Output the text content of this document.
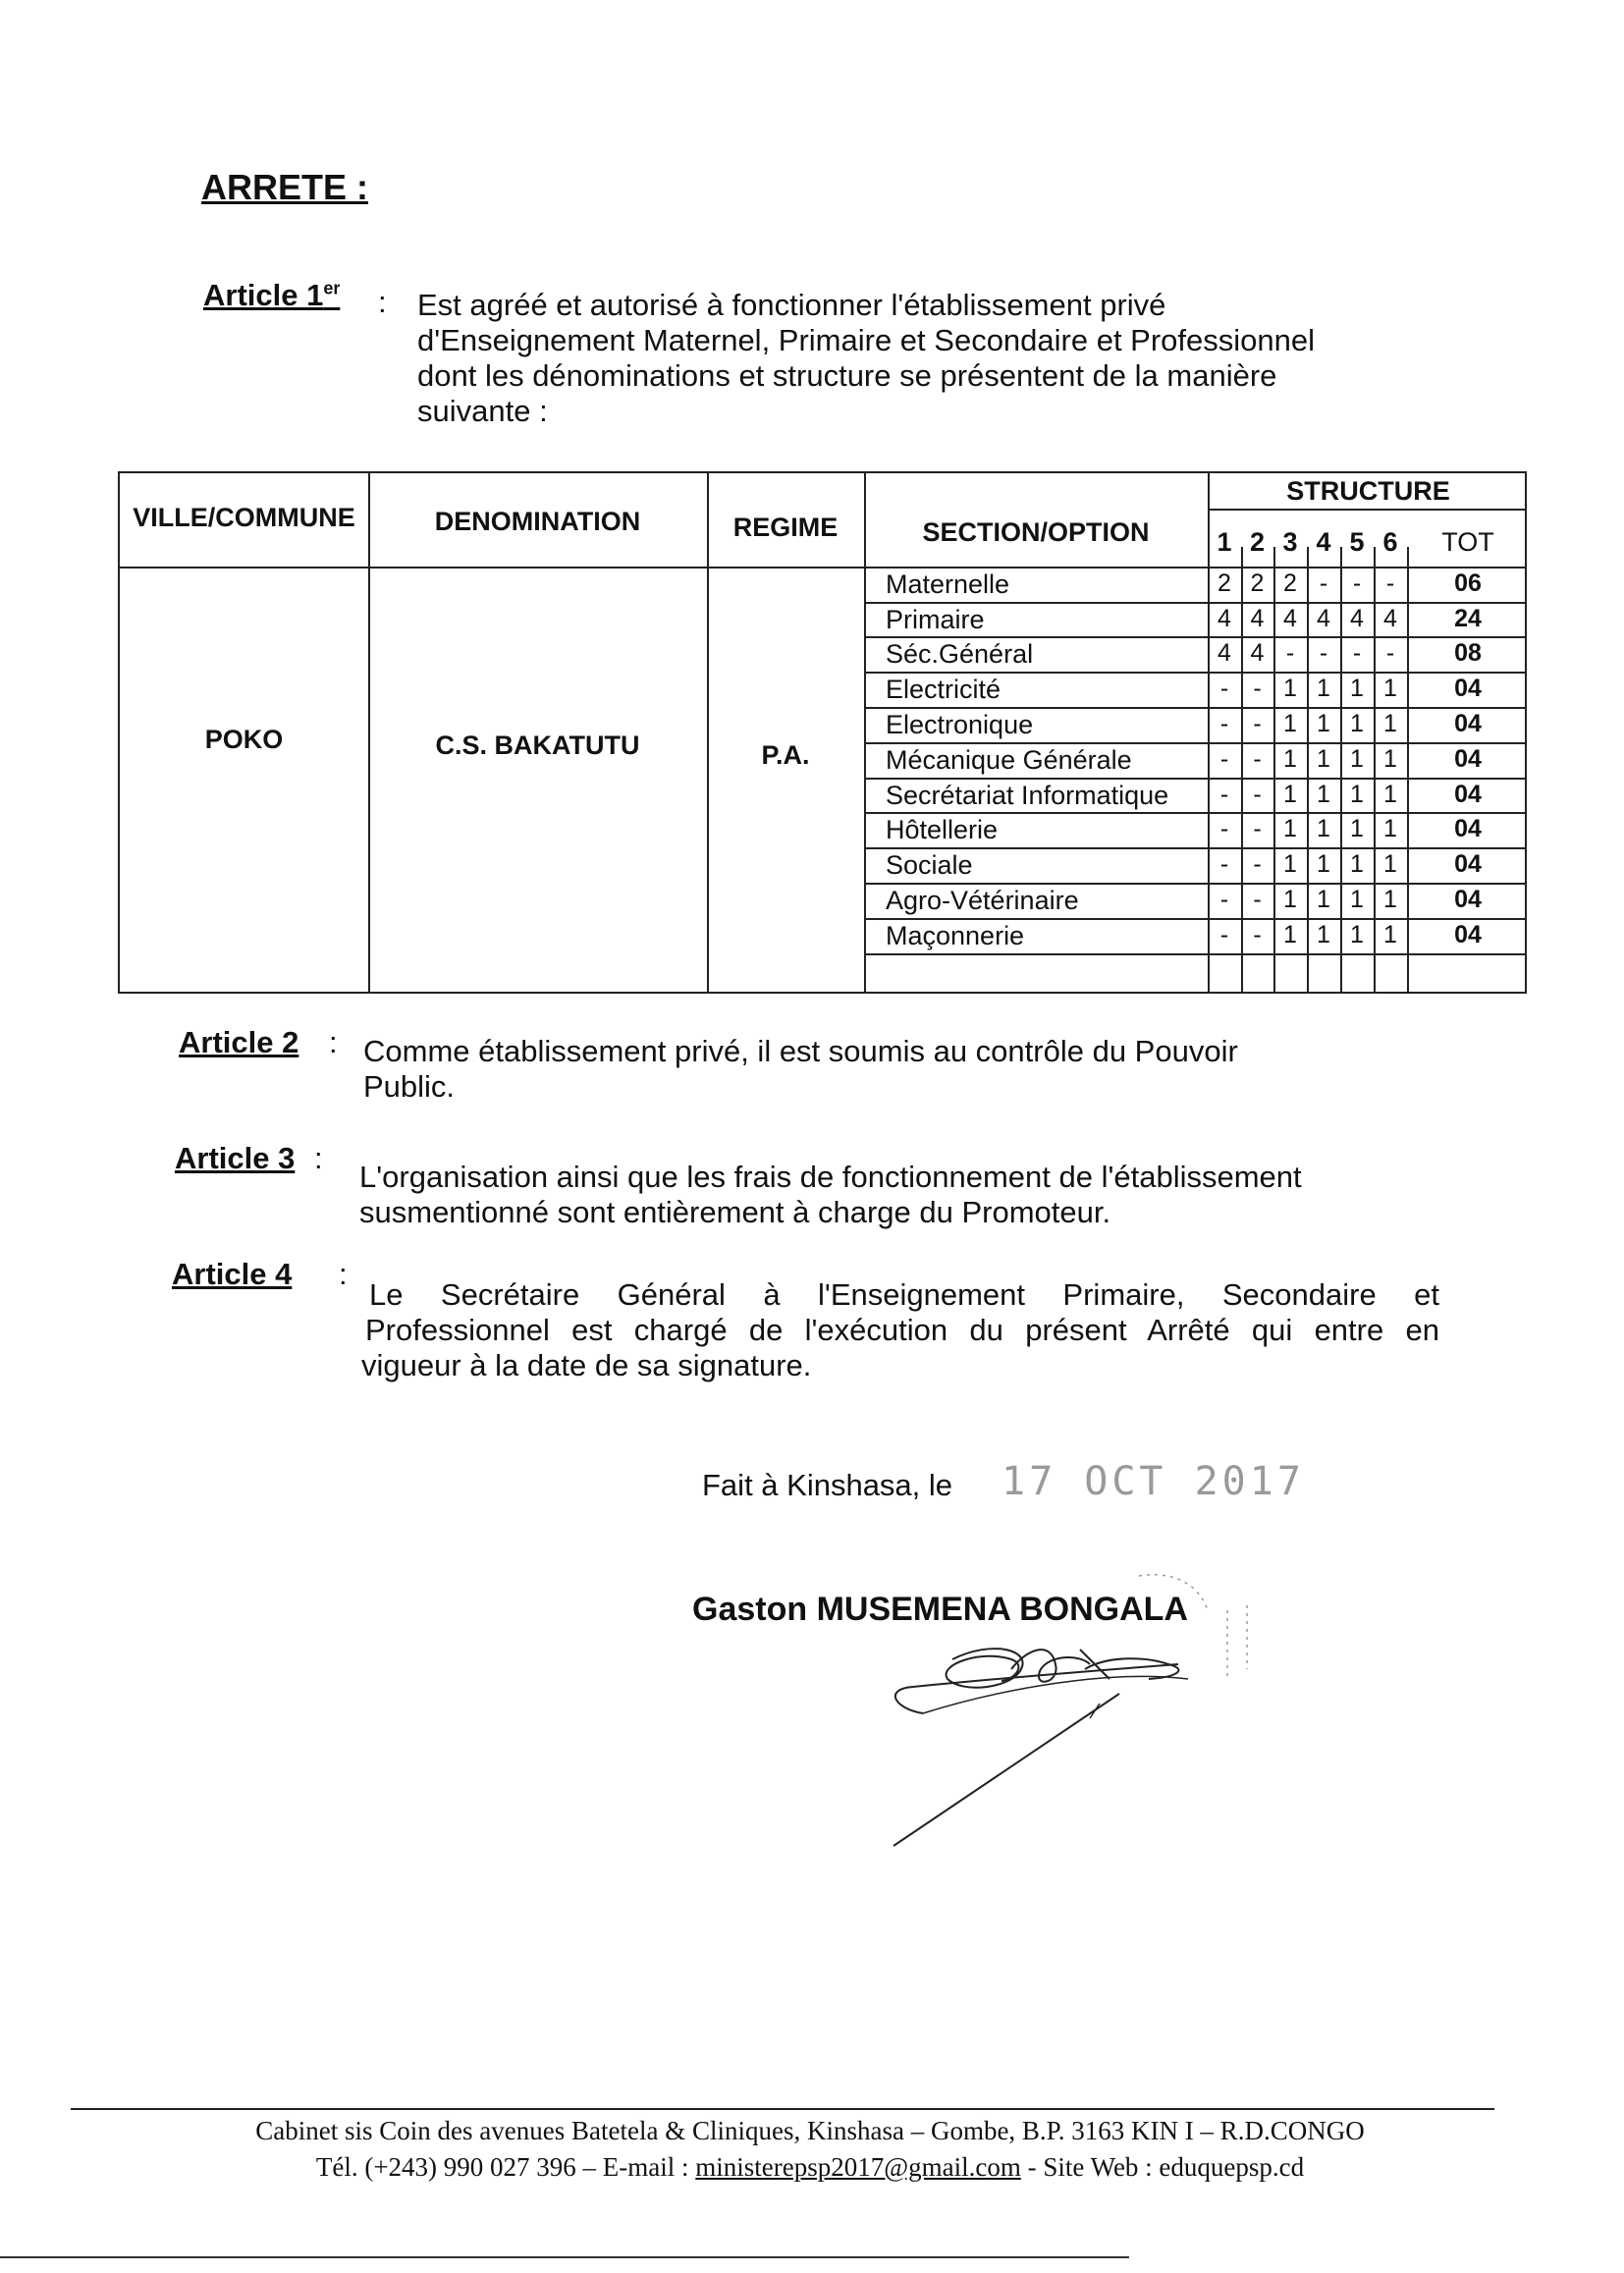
ARRETE :
Article 1er : Est agréé et autorisé à fonctionner l'établissement privé
d'Enseignement Maternel, Primaire et Secondaire et Professionnel
dont les dénominations et structure se présentent de la manière
suivante :
VILLE/COMMUNE	DENOMINATION	REGIME	SECTION/OPTION
STRUCTURE
1 2 3 4 5 6	TOT
POKO	C.S. BAKATUTU	P.A.
Maternelle	2 2 2 -	-	-	06
Primaire	4 4 4 4 4 4	24
Séc.Général	4 4 -	-	-	-	08
Electricité	-	- 1 1 1 1	04
Electronique	-	- 1 1 1 1	04
Mécanique Générale	-	- 1 1 1 1	04
Secrétariat Informatique	-	- 1 1 1 1	04
Hôtellerie	-	- 1 1 1 1	04
Sociale	-	- 1 1 1 1	04
Agro-Vétérinaire	-	- 1 1 1 1	04
Maçonnerie	-	- 1 1 1 1	04
Article 2 : Comme établissement privé, il est soumis au contrôle du Pouvoir
Public.
Article 3 :
L'organisation ainsi que les frais de fonctionnement de l'établissement
susmentionné sont entièrement à charge du Promoteur.
Article 4 :
Le Secrétaire Général à l'Enseignement Primaire, Secondaire et
Professionnel est chargé de l'exécution du présent Arrêté qui entre en
vigueur à la date de sa signature.
Fait à Kinshasa, le 17 OCT 2017
Gaston MUSEMENA BONGALA
Cabinet sis Coin des avenues Batetela & Cliniques, Kinshasa – Gombe, B.P. 3163 KIN I – R.D.CONGO
Tél. (+243) 990 027 396 – E-mail : ministerepsp2017@gmail.com - Site Web : eduquepsp.cd
